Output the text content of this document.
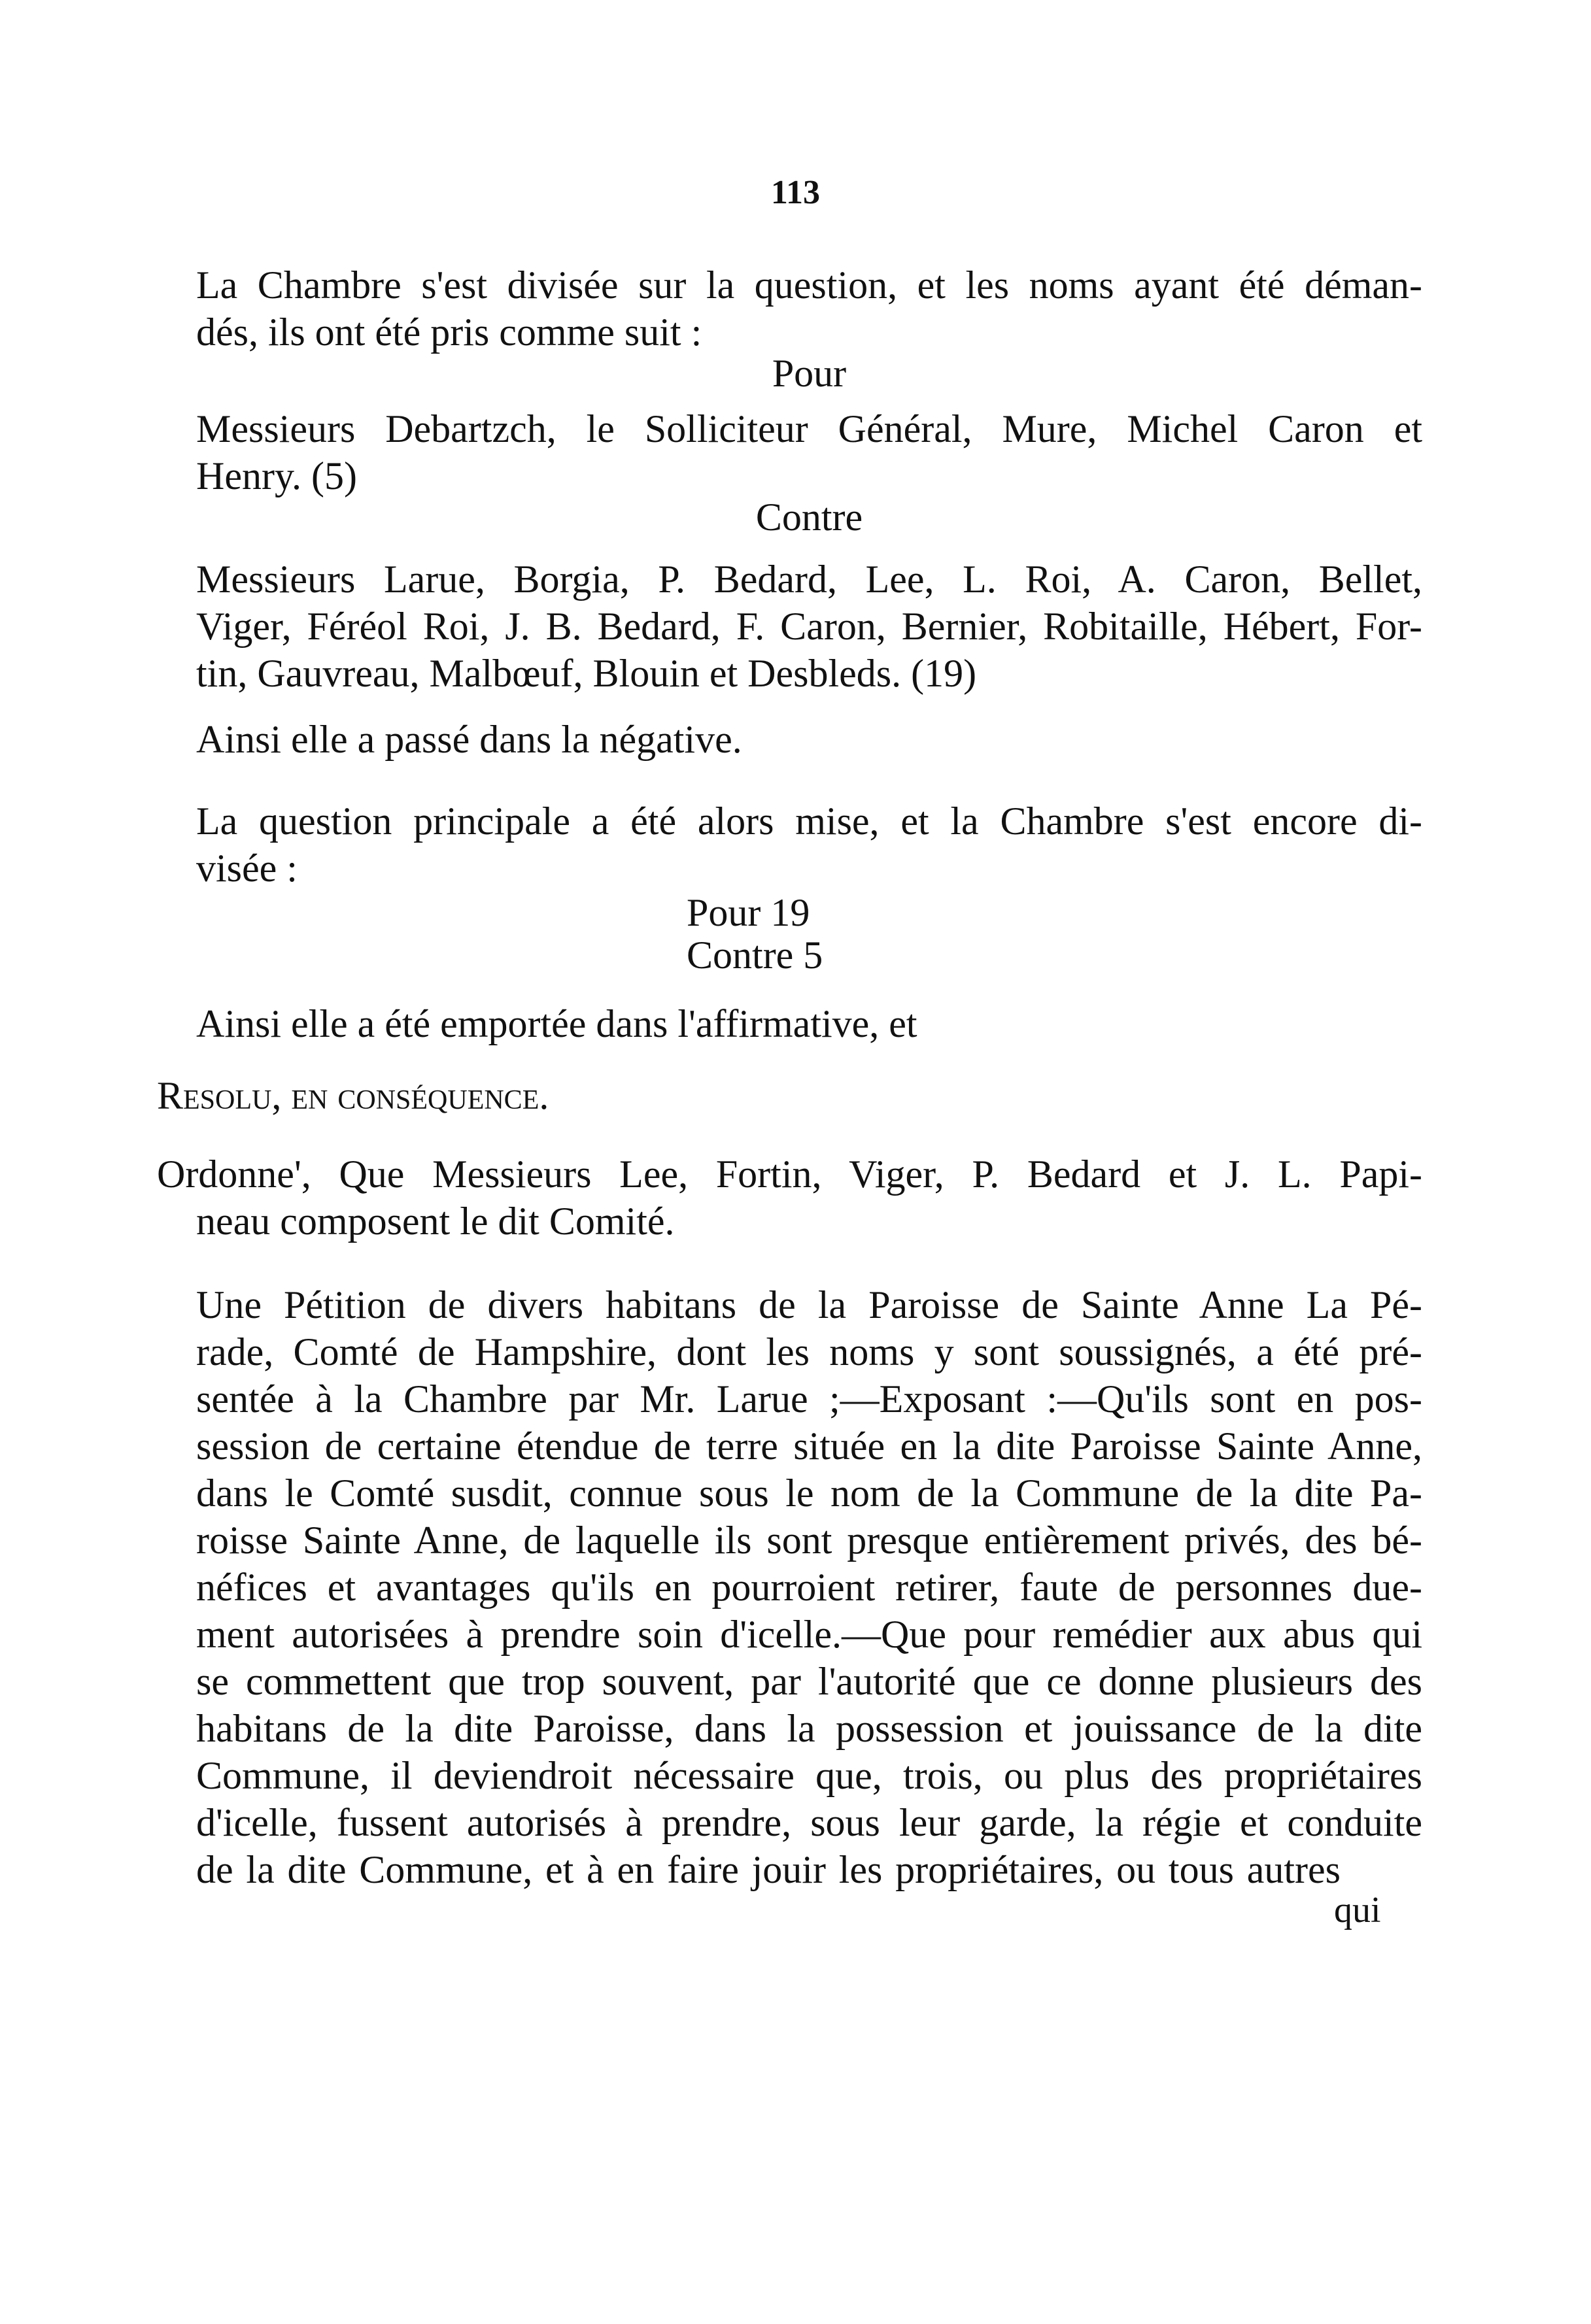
113
La Chambre s'est divisée sur la question, et les noms ayant été déman-
dés, ils ont été pris comme suit :
Pour
Messieurs Debartzch, le Solliciteur Général, Mure, Michel Caron et
Henry. (5)
Contre
Messieurs Larue, Borgia, P. Bedard, Lee, L. Roi, A. Caron, Bellet,
Viger, Féréol Roi, J. B. Bedard, F. Caron, Bernier, Robitaille, Hébert, For-
tin, Gauvreau, Malbœuf, Blouin et Desbleds. (19)
Ainsi elle a passé dans la négative.
La question principale a été alors mise, et la Chambre s'est encore di-
visée :
Pour 19
Contre 5
Ainsi elle a été emportée dans l'affirmative, et
Resolu, en conséquence.
Ordonne', Que Messieurs Lee, Fortin, Viger, P. Bedard et J. L. Papi-
neau composent le dit Comité.
Une Pétition de divers habitans de la Paroisse de Sainte Anne La Pé-
rade, Comté de Hampshire, dont les noms y sont soussignés, a été pré-
sentée à la Chambre par Mr. Larue ;—Exposant :—Qu'ils sont en pos-
session de certaine étendue de terre située en la dite Paroisse Sainte Anne,
dans le Comté susdit, connue sous le nom de la Commune de la dite Pa-
roisse Sainte Anne, de laquelle ils sont presque entièrement privés, des bé-
néfices et avantages qu'ils en pourroient retirer, faute de personnes due-
ment autorisées à prendre soin d'icelle.—Que pour remédier aux abus qui
se commettent que trop souvent, par l'autorité que ce donne plusieurs des
habitans de la dite Paroisse, dans la possession et jouissance de la dite
Commune, il deviendroit nécessaire que, trois, ou plus des propriétaires
d'icelle, fussent autorisés à prendre, sous leur garde, la régie et conduite
de la dite Commune, et à en faire jouir les propriétaires, ou tous autres
qui
